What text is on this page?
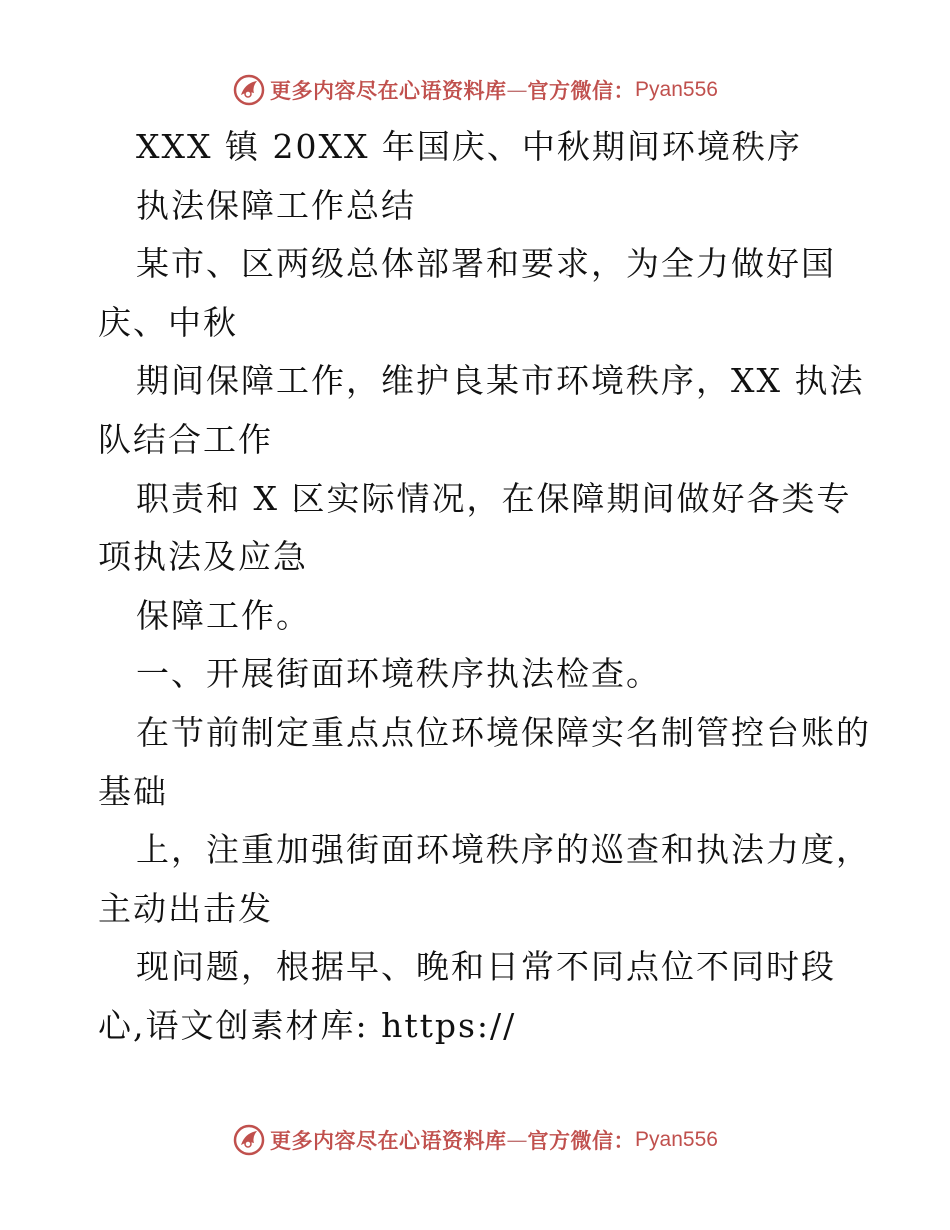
更多内容尽在心语资料库 — 官方微信： Pyan556
XXX 镇 20XX 年国庆、中秋期间环境秩序
执法保障工作总结
某市、区两级总体部署和要求，为全力做好国
庆、中秋
期间保障工作，维护良某市环境秩序，XX 执法
队结合工作
职责和 X 区实际情况，在保障期间做好各类专
项执法及应急
保障工作。
一、开展街面环境秩序执法检查。
在节前制定重点点位环境保障实名制管控台账的
基础
上，注重加强街面环境秩序的巡查和执法力度，
主动出击发
现问题，根据早、晚和日常不同点位不同时段
心,语文创素材库: https://
更多内容尽在心语资料库 — 官方微信： Pyan556
